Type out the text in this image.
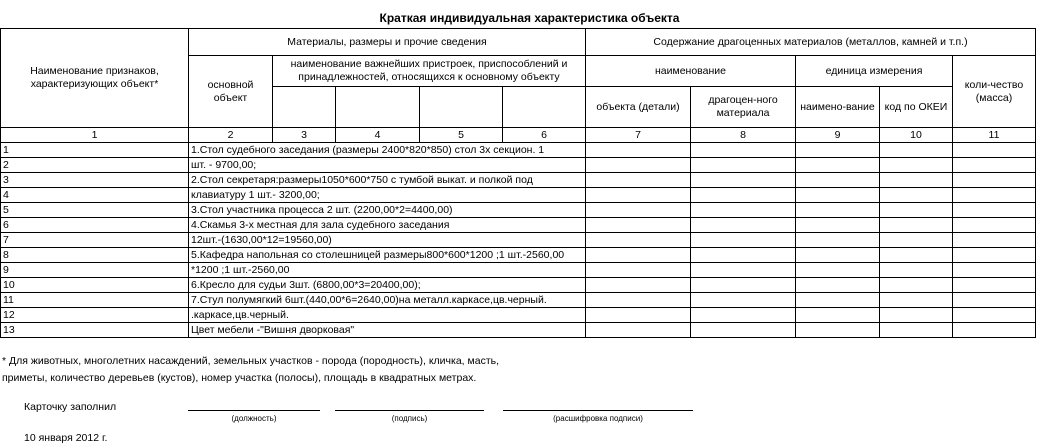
Краткая индивидуальная характеристика объекта
Наименование признаков, характеризующих объект*	Материалы, размеры и прочие сведения					Содержание драгоценных материалов (металлов, камней и т.п.)				
	основной объект	наименование важнейших пристроек, приспособлений и принадлежностей, относящихся к основному объекту				наименование		единица измерения		коли-чество (масса)
						объекта (детали)	драгоцен-ного материала	наимено-вание	код по ОКЕИ	
1	2	3	4	5	6	7	8	9	10	11
1	1.Стол судебного заседания (размеры 2400*820*850) стол 3х секцион. 1									
2	шт. - 9700,00;									
3	2.Стол секретаря:размеры1050*600*750 с тумбой выкат. и полкой под									
4	клавиатуру 1 шт.- 3200,00;									
5	3.Стол участника процесса 2 шт. (2200,00*2=4400,00)									
6	4.Скамья 3-х местная для зала судебного заседания									
7	12шт.-(1630,00*12=19560,00)									
8	5.Кафедра напольная со столешницей размеры800*600*1200 ;1 шт.-2560,00									
9	*1200 ;1 шт.-2560,00									
10	6.Кресло для судьи 3шт. (6800,00*3=20400,00);									
11	7.Стул полумягкий 6шт.(440,00*6=2640,00)на металл.каркасе,цв.черный.									
12	.каркасе,цв.черный.									
13	Цвет мебели -"Вишня дворковая"									
* Для животных, многолетних насаждений, земельных участков - порода (породность), кличка, масть,
приметы, количество деревьев (кустов), номер участка (полосы), площадь в квадратных метрах.
Карточку заполнил
(должность)	(подпись)	(расшифровка подписи)
10 января 2012 г.
